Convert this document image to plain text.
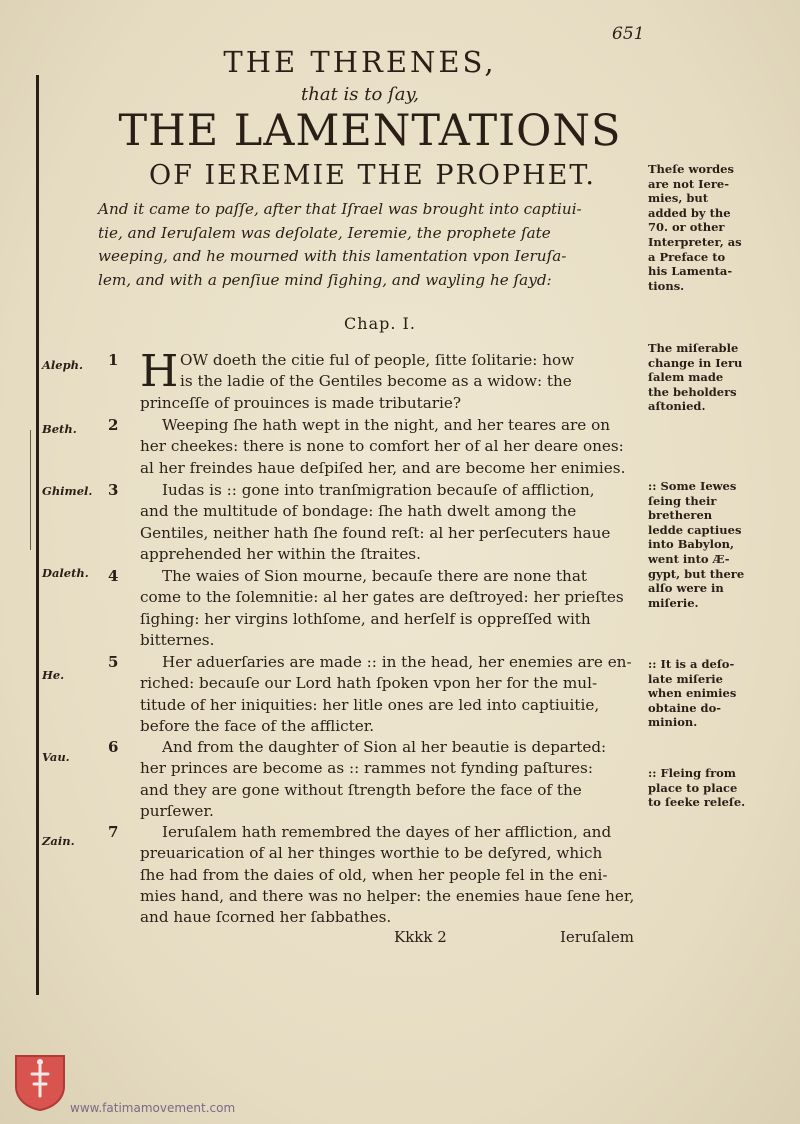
651
THE THRENES,
that is to ſay,
THE LAMENTATIONS
OF IEREMIE THE PROPHET.
And it came to paſſe, after that Iſrael was brought into captiui-
tie, and Ieruſalem was deſolate, Ieremie, the prophete ſate
weeping, and he mourned with this lamentation vpon Ieruſa-
lem, and with a penſiue mind ſighing, and wayling he ſayd:
Chap. I.
Aleph. 1 H OW doeth the citie ful of people, ſitte ſolitarie: how
is the ladie of the Gentiles become as a widow: the
princeſſe of prouinces is made tributarie?
Beth. 2	Weeping ſhe hath wept in the night, and her teares are on
her cheekes: there is none to comfort her of al her deare ones:
al her freindes haue deſpiſed her, and are become her enimies.
Ghimel. 3	Iudas is :: gone into tranſmigration becauſe of affliction,
and the multitude of bondage: ſhe hath dwelt among the
Gentiles, neither hath ſhe found reſt: al her perſecuters haue
apprehended her within the ſtraites.
Daleth. 4	The waies of Sion mourne, becauſe there are none that
come to the ſolemnitie: al her gates are deſtroyed: her prieſtes
ſighing: her virgins lothſome, and herſelf is oppreſſed with
bitternes.
He.
5	Her aduerſaries are made :: in the head, her enemies are en-
riched: becauſe our Lord hath ſpoken vpon her for the mul-
titude of her iniquities: her litle ones are led into captiuitie,
before the face of the afflicter.
Vau.
6	And from the daughter of Sion al her beautie is departed:
her princes are become as :: rammes not fynding paſtures:
and they are gone without ſtrength before the face of the
purſewer.
Zain. 7	Ieruſalem hath remembred the dayes of her affliction, and
preuarication of al her thinges worthie to be deſyred, which
ſhe had from the daies of old, when her people fel in the eni-
mies hand, and there was no helper: the enemies haue ſene her,
and haue ſcorned her ſabbathes.
Theſe wordes
are not Iere-
mies, but
added by the
70. or other
Interpreter, as
a Preface to
his Lamenta-
tions.
The miſerable
change in Ieru
ſalem made
the beholders
aſtonied.
:: Some Iewes
ſeing their
bretheren
ledde captiues
into Babylon,
went into Æ-
gypt, but there
alſo were in
miſerie.
:: It is a deſo-
late miſerie
when enimies
obtaine do-
minion.
:: Fleing from
place to place
to ſeeke releſe.
Kkkk 2	Ieruſalem
www.fatimamovement.com
